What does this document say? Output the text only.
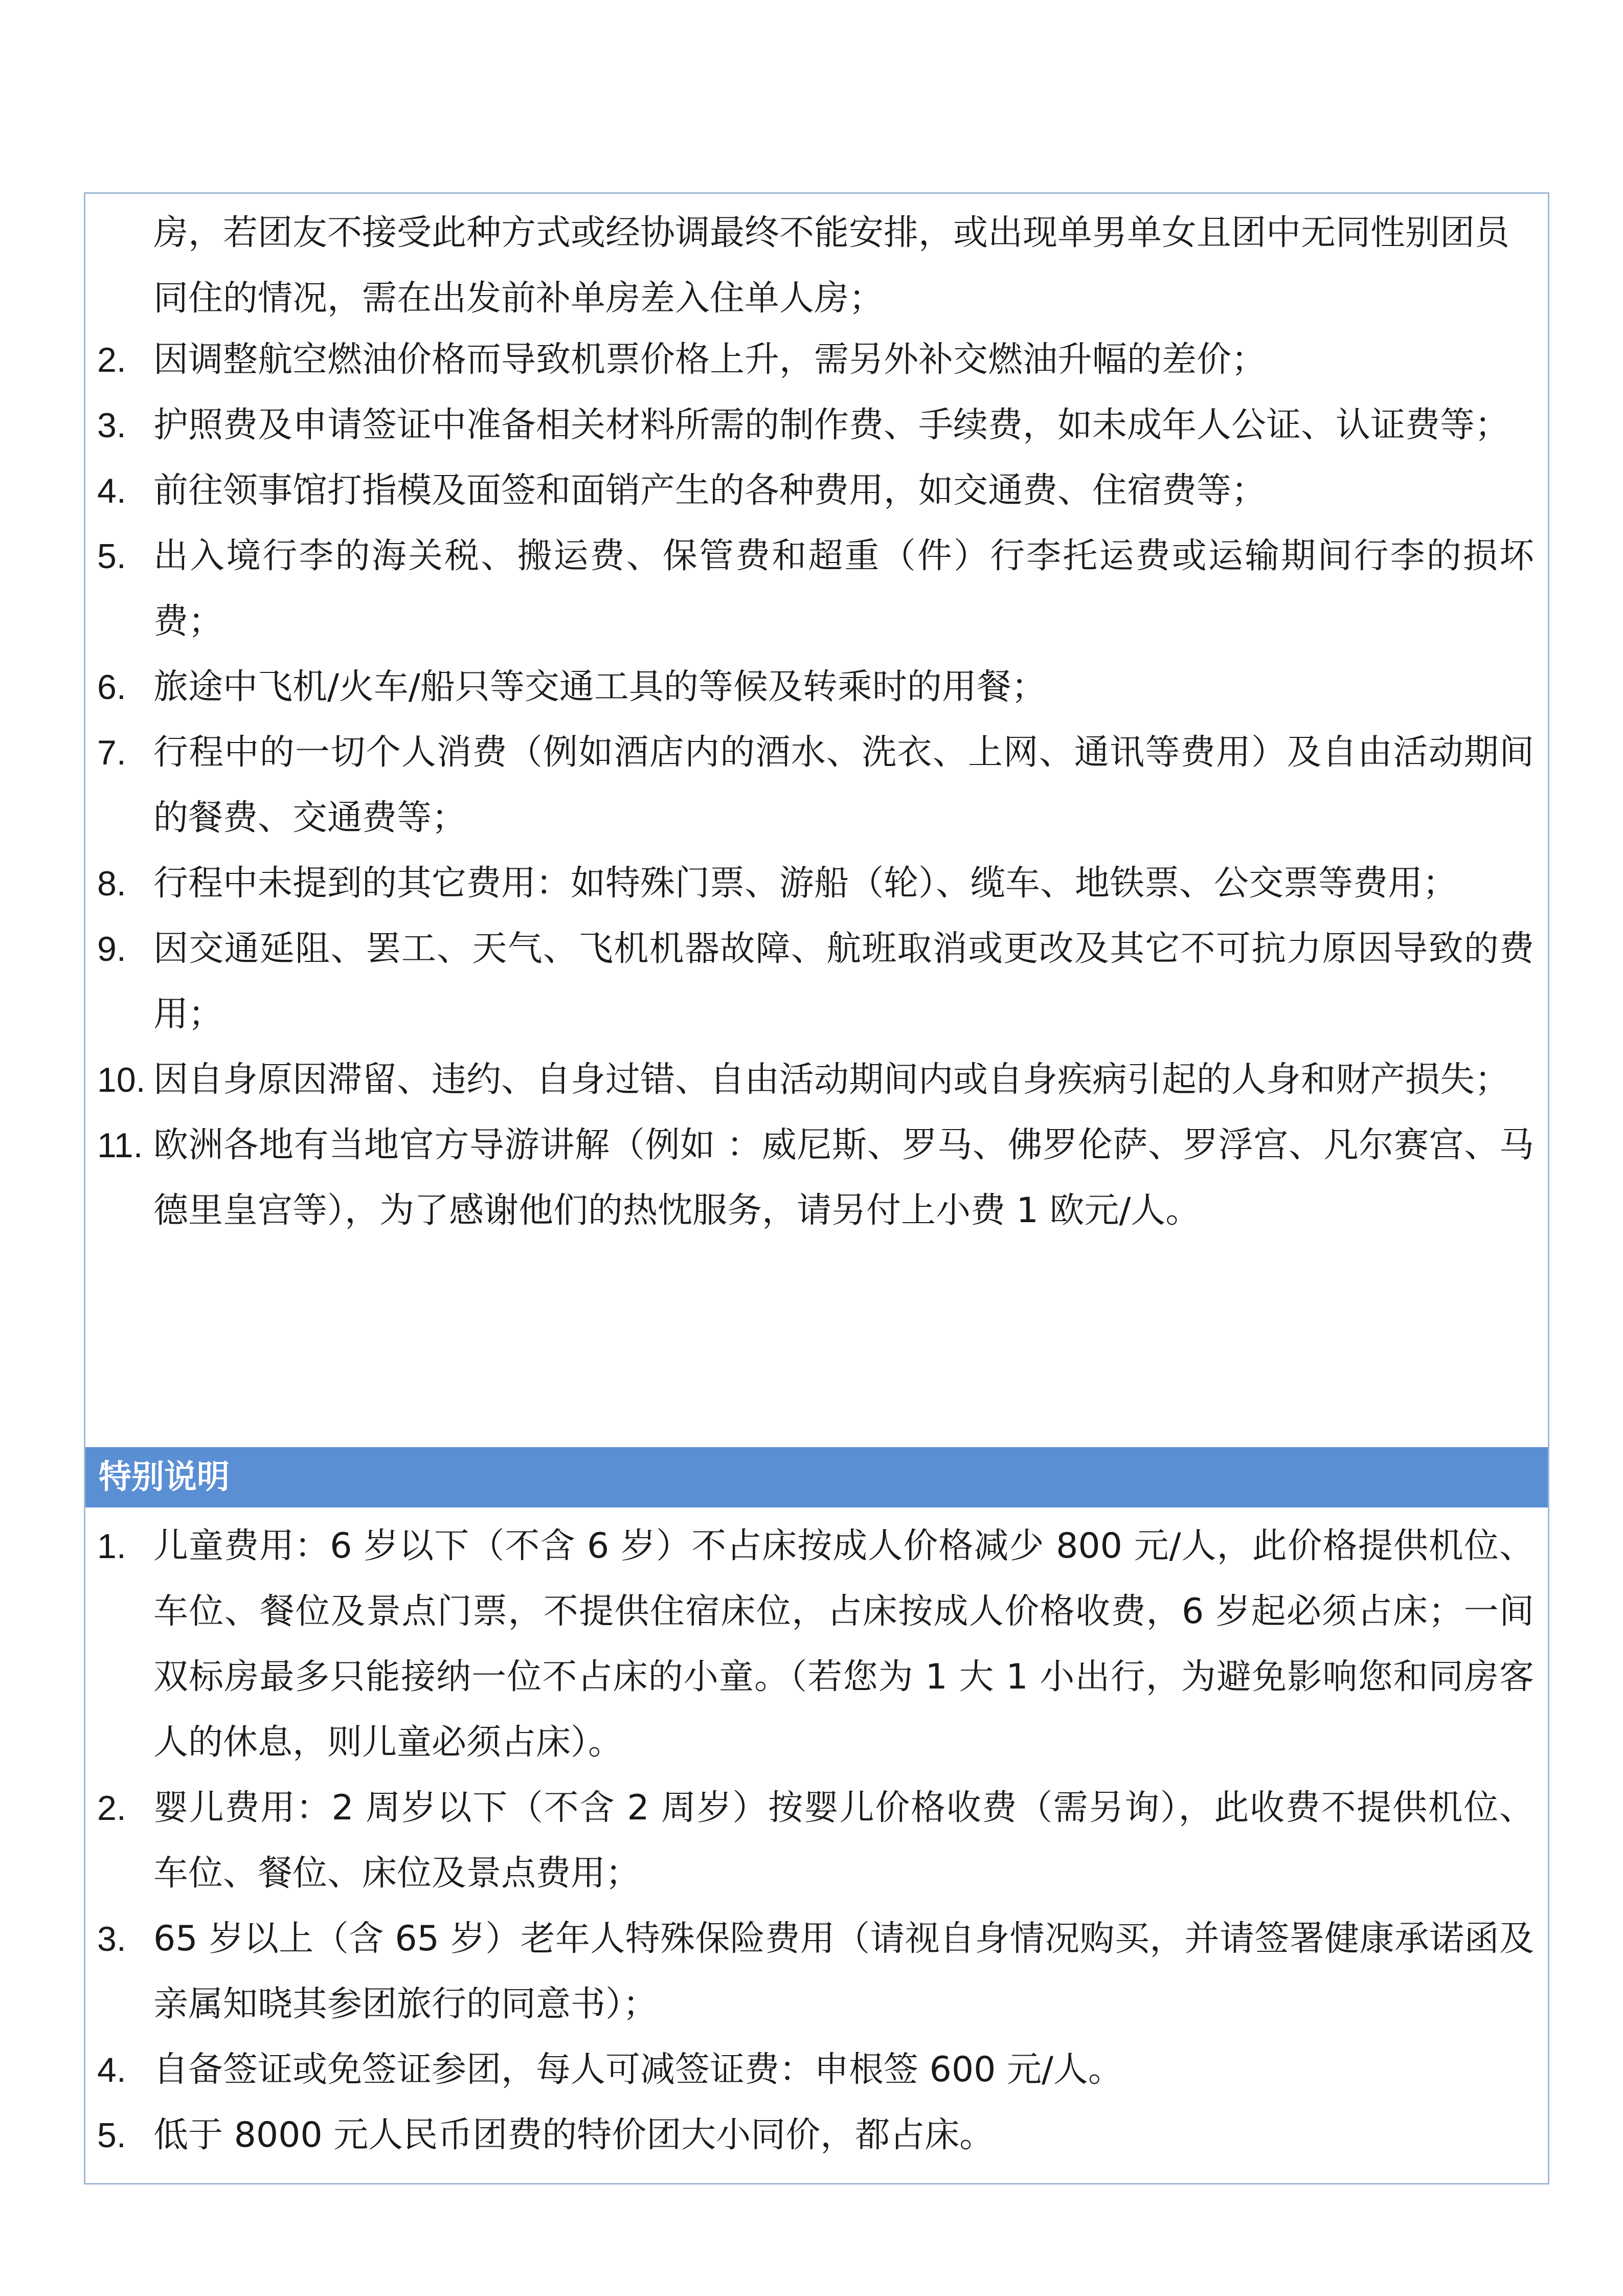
房，若团友不接受此种方式或经协调最终不能安排，或出现单男单女且团中无同性别团员同住的情况，需在出发前补单房差入住单人房；
2. 因调整航空燃油价格而导致机票价格上升，需另外补交燃油升幅的差价；
3. 护照费及申请签证中准备相关材料所需的制作费、手续费，如未成年人公证、认证费等；
4. 前往领事馆打指模及面签和面销产生的各种费用，如交通费、住宿费等；
5. 出入境行李的海关税、搬运费、保管费和超重（件）行李托运费或运输期间行李的损坏费；
6. 旅途中飞机/火车/船只等交通工具的等候及转乘时的用餐；
7. 行程中的一切个人消费（例如酒店内的酒水、洗衣、上网、通讯等费用）及自由活动期间的餐费、交通费等；
8. 行程中未提到的其它费用：如特殊门票、游船（轮）、缆车、地铁票、公交票等费用；
9. 因交通延阻、罢工、天气、飞机机器故障、航班取消或更改及其它不可抗力原因导致的费用；
10. 因自身原因滞留、违约、自身过错、自由活动期间内或自身疾病引起的人身和财产损失；
11. 欧洲各地有当地官方导游讲解（例如 ：威尼斯、罗马、佛罗伦萨、罗浮宫、凡尔赛宫、马德里皇宫等），为了感谢他们的热忱服务，请另付上小费 1 欧元/人。
特别说明
1. 儿童费用：6 岁以下（不含 6 岁）不占床按成人价格减少 800 元/人，此价格提供机位、车位、餐位及景点门票，不提供住宿床位，占床按成人价格收费，6 岁起必须占床；一间双标房最多只能接纳一位不占床的小童。（若您为 1 大 1 小出行，为避免影响您和同房客人的休息，则儿童必须占床）。
2. 婴儿费用：2 周岁以下（不含 2 周岁）按婴儿价格收费（需另询），此收费不提供机位、车位、餐位、床位及景点费用；
3. 65 岁以上（含 65 岁）老年人特殊保险费用（请视自身情况购买，并请签署健康承诺函及亲属知晓其参团旅行的同意书）；
4. 自备签证或免签证参团，每人可减签证费：申根签 600 元/人。
5. 低于 8000 元人民币团费的特价团大小同价，都占床。
